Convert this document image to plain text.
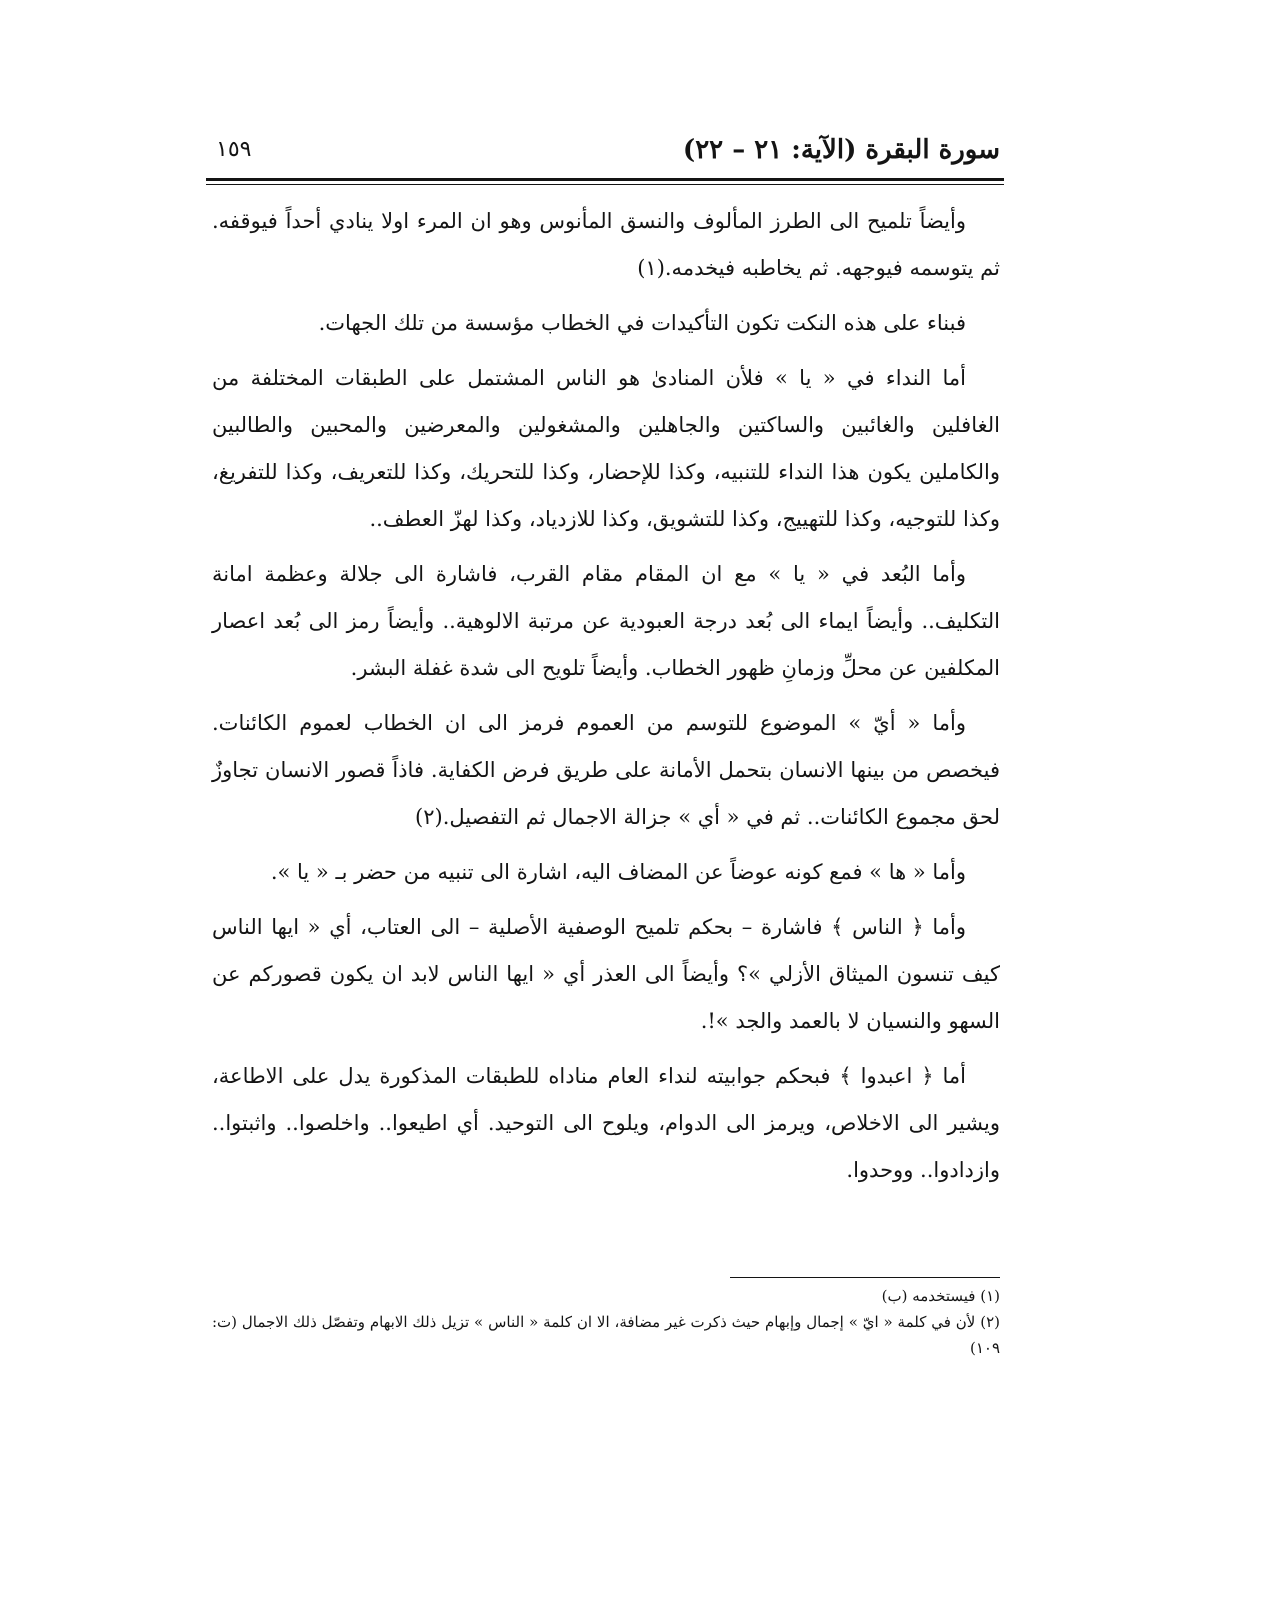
١٥٩	سورة البقرة (الآية: ٢١ – ٢٢)

وأيضاً تلميح الى الطرز المألوف والنسق المأنوس وهو ان المرء اولا ينادي أحداً فيوقفه. ثم يتوسمه فيوجهه. ثم يخاطبه فيخدمه.(١)

فبناء على هذه النكت تكون التأكيدات في الخطاب مؤسسة من تلك الجهات.

أما النداء في « يا » فلأن المنادىٰ هو الناس المشتمل على الطبقات المختلفة من الغافلين والغائبين والساكتين والجاهلين والمشغولين والمعرضين والمحبين والطالبين والكاملين يكون هذا النداء للتنبيه، وكذا للإحضار، وكذا للتحريك، وكذا للتعريف، وكذا للتفريغ، وكذا للتوجيه، وكذا للتهييج، وكذا للتشويق، وكذا للازدياد، وكذا لهزّ العطف..

وأما البُعد في « يا » مع ان المقام مقام القرب، فاشارة الى جلالة وعظمة امانة التكليف.. وأيضاً ايماء الى بُعد درجة العبودية عن مرتبة الالوهية.. وأيضاً رمز الى بُعد اعصار المكلفين عن محلِّ وزمانِ ظهور الخطاب. وأيضاً تلويح الى شدة غفلة البشر.

وأما « أيّ » الموضوع للتوسم من العموم فرمز الى ان الخطاب لعموم الكائنات. فيخصص من بينها الانسان بتحمل الأمانة على طريق فرض الكفاية. فاذاً قصور الانسان تجاوزٌ لحق مجموع الكائنات.. ثم في « أي » جزالة الاجمال ثم التفصيل.(٢)

وأما « ها » فمع كونه عوضاً عن المضاف اليه، اشارة الى تنبيه من حضر بـ « يا ».

وأما ﴿ الناس ﴾ فاشارة – بحكم تلميح الوصفية الأصلية – الى العتاب، أي « ايها الناس كيف تنسون الميثاق الأزلي »؟ وأيضاً الى العذر أي « ايها الناس لابد ان يكون قصوركم عن السهو والنسيان لا بالعمد والجد »!.

أما ﴿ اعبدوا ﴾ فبحكم جوابيته لنداء العام مناداه للطبقات المذكورة يدل على الاطاعة، ويشير الى الاخلاص، ويرمز الى الدوام، ويلوح الى التوحيد. أي اطيعوا.. واخلصوا.. واثبتوا.. وازدادوا.. ووحدوا.

(١) فيستخدمه (ب)

(٢) لأن في كلمة « ايّ » إجمال وإبهام حيث ذكرت غير مضافة، الا ان كلمة « الناس » تزيل ذلك الابهام وتفصّل ذلك الاجمال (ت: ١٠٩)
